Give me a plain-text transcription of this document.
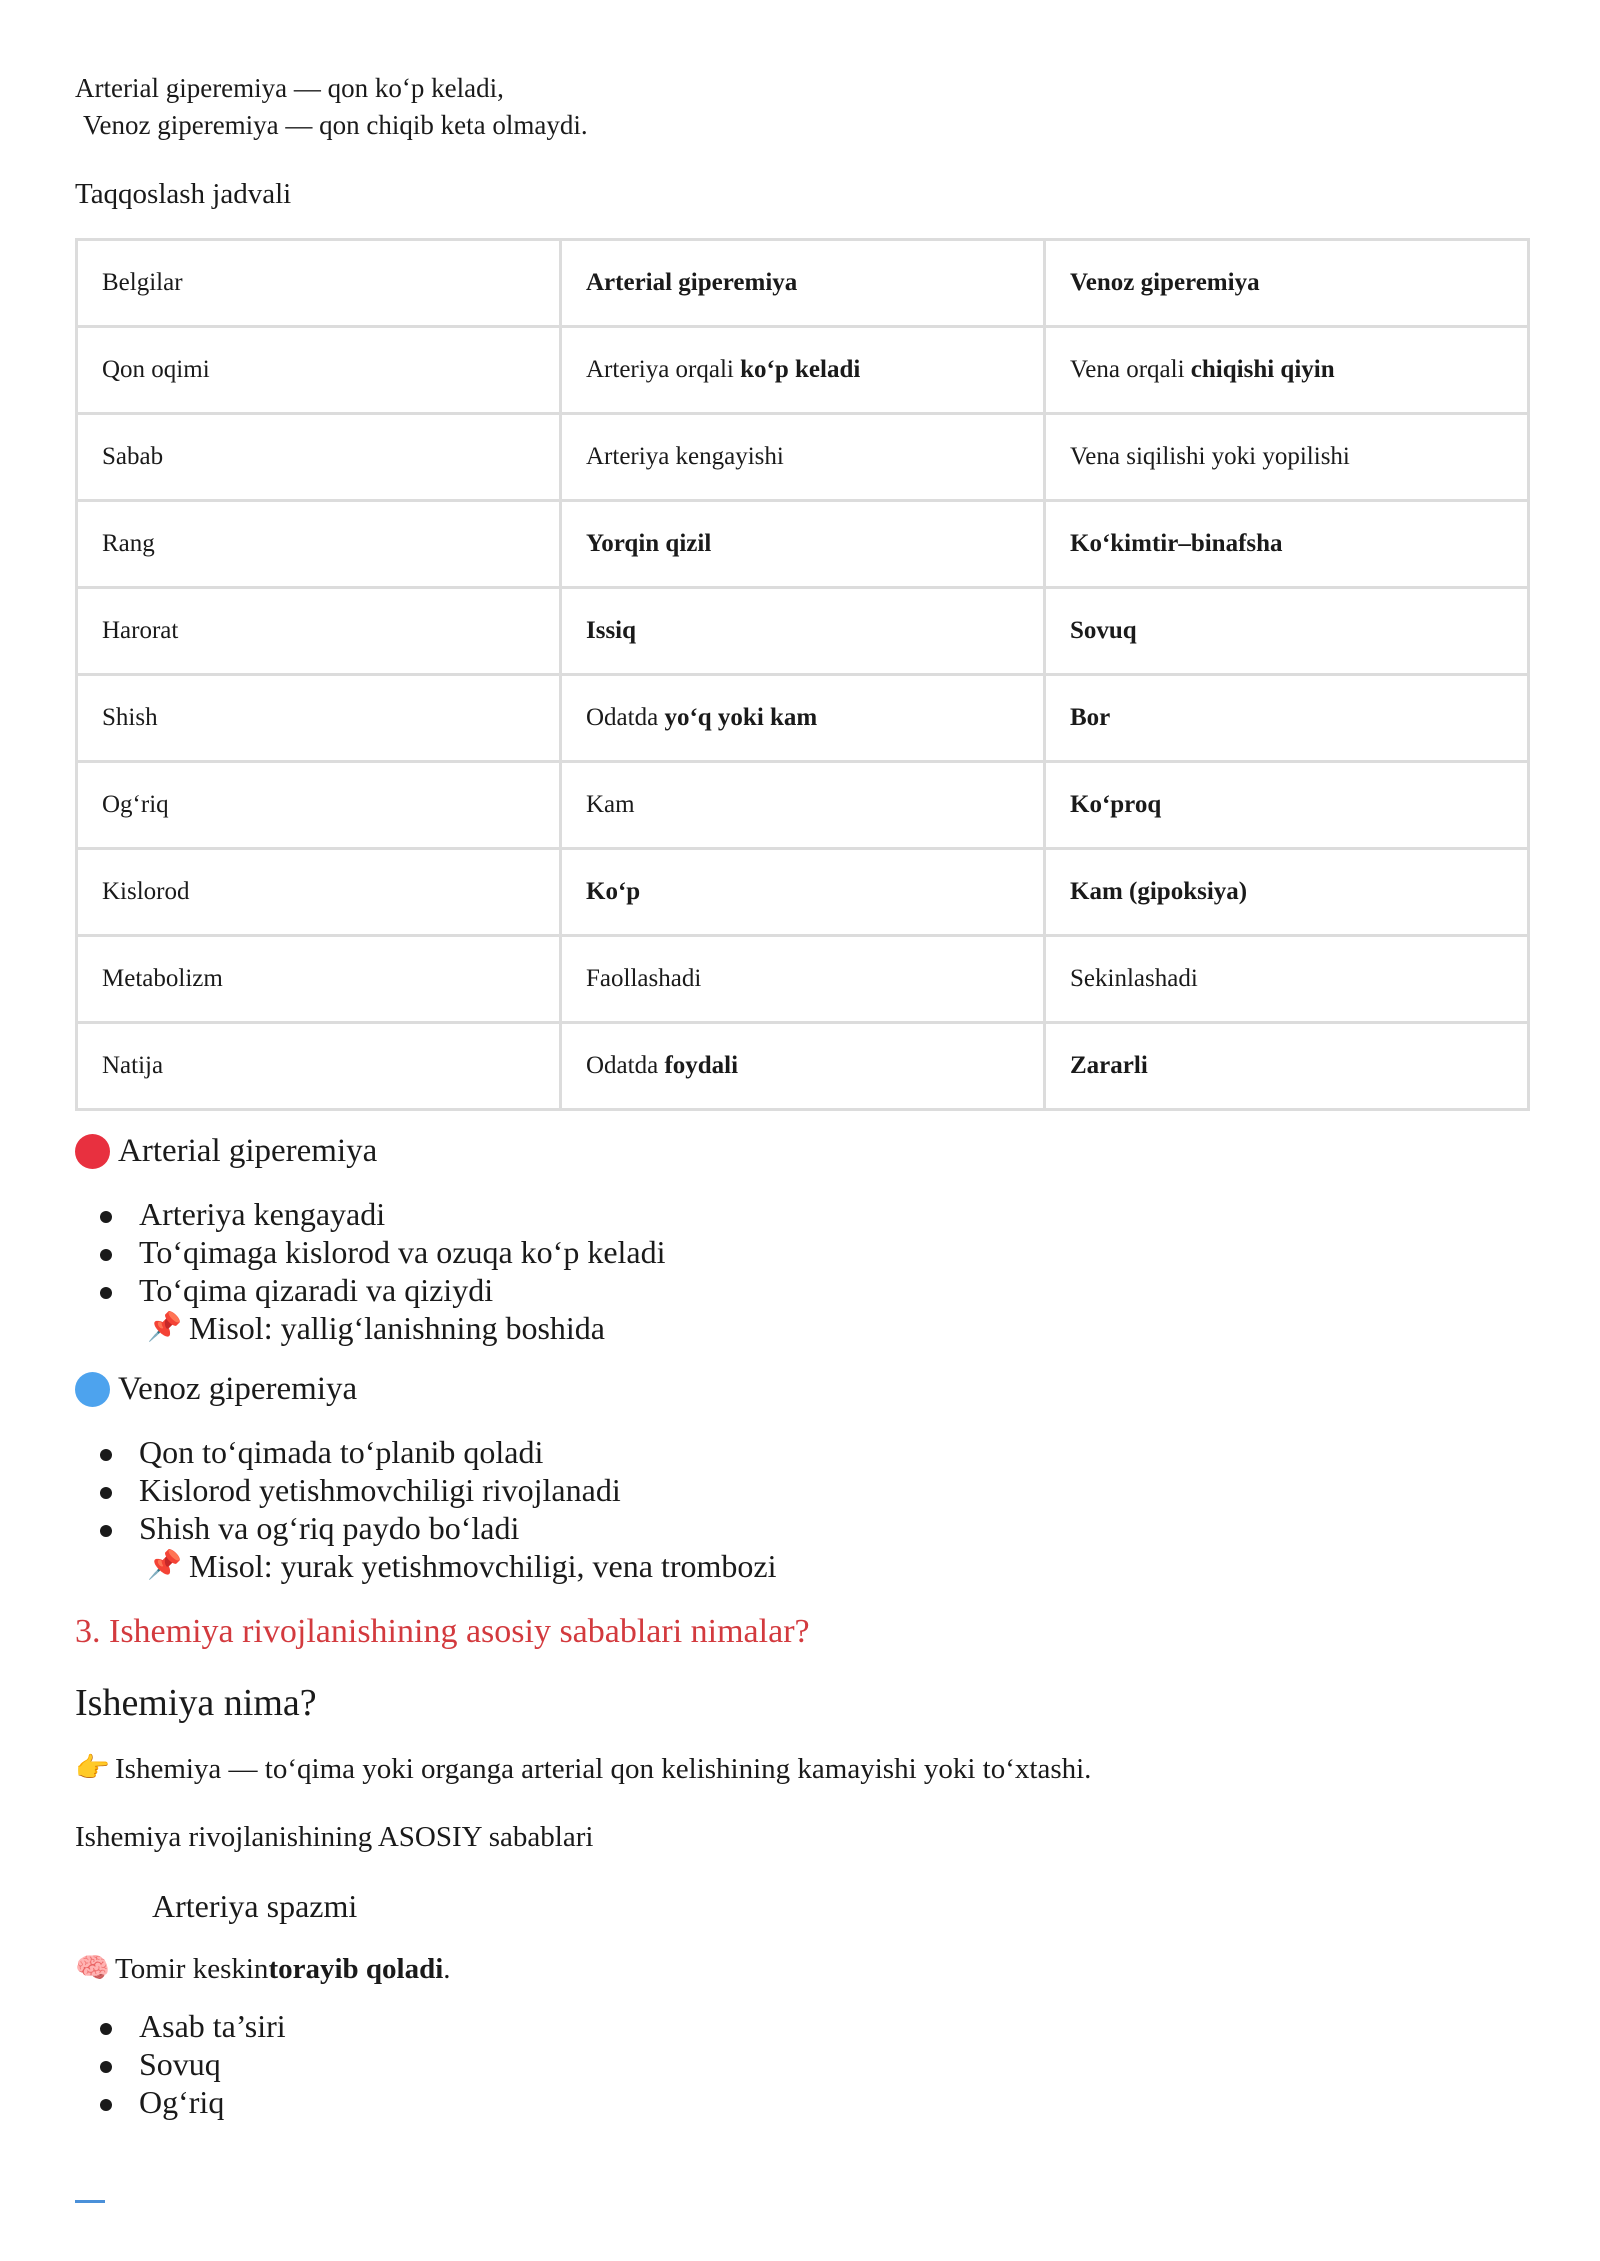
Arterial giperemiya — qon ko‘p keladi,

Venoz giperemiya — qon chiqib keta olmaydi.

Taqqoslash jadvali

Belgilar	Arterial giperemiya	Venoz giperemiya
Qon oqimi	Arteriya orqali ko‘p keladi	Vena orqali chiqishi qiyin
Sabab	Arteriya kengayishi	Vena siqilishi yoki yopilishi
Rang	Yorqin qizil	Ko‘kimtir–binafsha
Harorat	Issiq	Sovuq
Shish	Odatda yo‘q yoki kam	Bor
Og‘riq	Kam	Ko‘proq
Kislorod	Ko‘p	Kam (gipoksiya)
Metabolizm	Faollashadi	Sekinlashadi
Natija	Odatda foydali	Zararli

Arterial giperemiya

Arteriya kengayadi
To‘qimaga kislorod va ozuqa ko‘p keladi
To‘qima qizaradi va qiziydi
📌 Misol: yallig‘lanishning boshida

Venoz giperemiya

Qon to‘qimada to‘planib qoladi
Kislorod yetishmovchiligi rivojlanadi
Shish va og‘riq paydo bo‘ladi
📌 Misol: yurak yetishmovchiligi, vena trombozi

3. Ishemiya rivojlanishining asosiy sabablari nimalar?

Ishemiya nima?

👉 Ishemiya — to‘qima yoki organga arterial qon kelishining kamayishi yoki to‘xtashi.

Ishemiya rivojlanishining ASOSIY sabablari

Arteriya spazmi

🧠 Tomir keskin torayib qoladi .

Asab ta’siri
Sovuq
Og‘riq
